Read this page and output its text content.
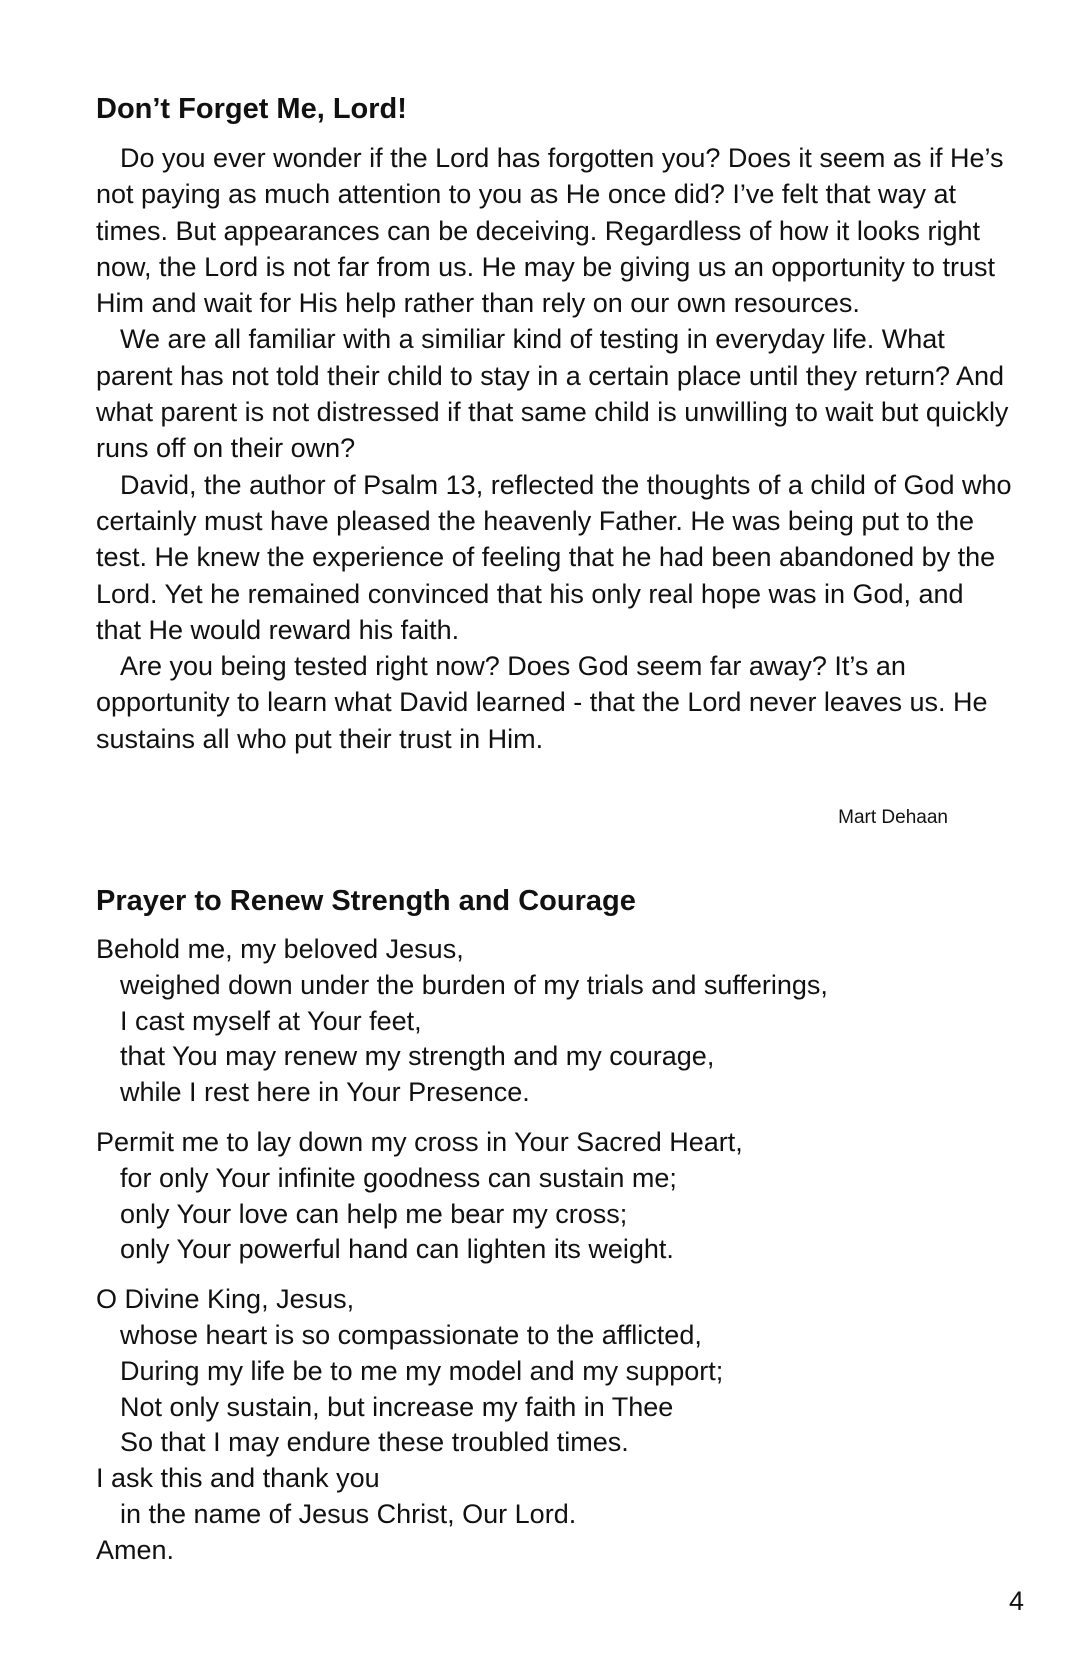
Don’t Forget Me, Lord!

Do you ever wonder if the Lord has forgotten you? Does it seem as if He’s not paying as much attention to you as He once did? I’ve felt that way at times. But appearances can be deceiving. Regardless of how it looks right now, the Lord is not far from us. He may be giving us an opportunity to trust Him and wait for His help rather than rely on our own resources.

We are all familiar with a similiar kind of testing in everyday life. What parent has not told their child to stay in a certain place until they return? And what parent is not distressed if that same child is unwilling to wait but quickly runs off on their own?

David, the author of Psalm 13, reflected the thoughts of a child of God who certainly must have pleased the heavenly Father. He was being put to the test. He knew the experience of feeling that he had been abandoned by the Lord. Yet he remained convinced that his only real hope was in God, and that He would reward his faith.

Are you being tested right now? Does God seem far away? It’s an opportunity to learn what David learned - that the Lord never leaves us. He sustains all who put their trust in Him.

Mart Dehaan
Prayer to Renew Strength and Courage
Behold me, my beloved Jesus,
weighed down under the burden of my trials and sufferings,
I cast myself at Your feet,
that You may renew my strength and my courage,
while I rest here in Your Presence.
Permit me to lay down my cross in Your Sacred Heart,
for only Your infinite goodness can sustain me;
only Your love can help me bear my cross;
only Your powerful hand can lighten its weight.
O Divine King, Jesus,
whose heart is so compassionate to the afflicted,
During my life be to me my model and my support;
Not only sustain, but increase my faith in Thee
So that I may endure these troubled times.
I ask this and thank you
in the name of Jesus Christ, Our Lord.
Amen.
4
